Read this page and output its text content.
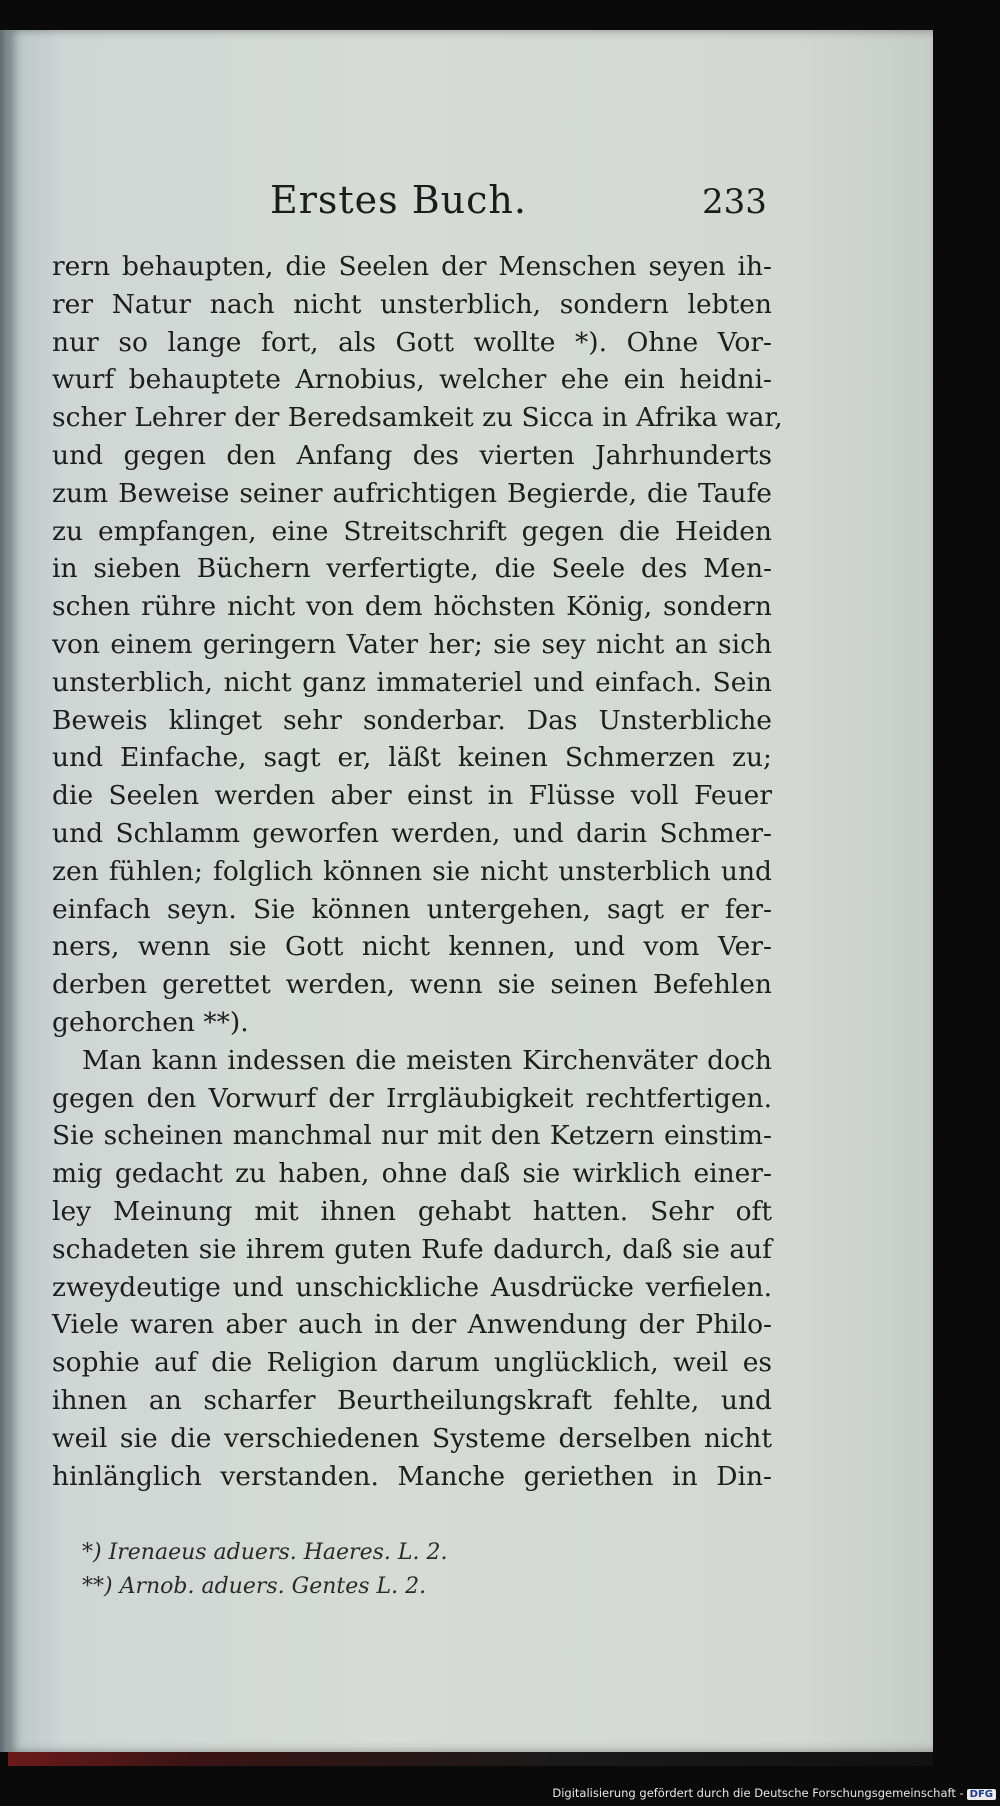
Erstes Buch.	233
rern behaupten, die Seelen der Menschen seyen ih-
rer Natur nach nicht unsterblich, sondern lebten
nur so lange fort, als Gott wollte *). Ohne Vor-
wurf behauptete Arnobius, welcher ehe ein heidni-
scher Lehrer der Beredsamkeit zu Sicca in Afrika war,
und gegen den Anfang des vierten Jahrhunderts
zum Beweise seiner aufrichtigen Begierde, die Taufe
zu empfangen, eine Streitschrift gegen die Heiden
in sieben Büchern verfertigte, die Seele des Men-
schen rühre nicht von dem höchsten König, sondern
von einem geringern Vater her; sie sey nicht an sich
unsterblich, nicht ganz immateriel und einfach. Sein
Beweis klinget sehr sonderbar. Das Unsterbliche
und Einfache, sagt er, läßt keinen Schmerzen zu;
die Seelen werden aber einst in Flüsse voll Feuer
und Schlamm geworfen werden, und darin Schmer-
zen fühlen; folglich können sie nicht unsterblich und
einfach seyn. Sie können untergehen, sagt er fer-
ners, wenn sie Gott nicht kennen, und vom Ver-
derben gerettet werden, wenn sie seinen Befehlen
gehorchen **).
Man kann indessen die meisten Kirchenväter doch
gegen den Vorwurf der Irrgläubigkeit rechtfertigen.
Sie scheinen manchmal nur mit den Ketzern einstim-
mig gedacht zu haben, ohne daß sie wirklich einer-
ley Meinung mit ihnen gehabt hatten. Sehr oft
schadeten sie ihrem guten Rufe dadurch, daß sie auf
zweydeutige und unschickliche Ausdrücke verfielen.
Viele waren aber auch in der Anwendung der Philo-
sophie auf die Religion darum unglücklich, weil es
ihnen an scharfer Beurtheilungskraft fehlte, und
weil sie die verschiedenen Systeme derselben nicht
hinlänglich verstanden. Manche geriethen in Din-
*) Irenaeus aduers. Haeres. L. 2.
**) Arnob. aduers. Gentes L. 2.
Digitalisierung gefördert durch die Deutsche Forschungsgemeinschaft - DFG
